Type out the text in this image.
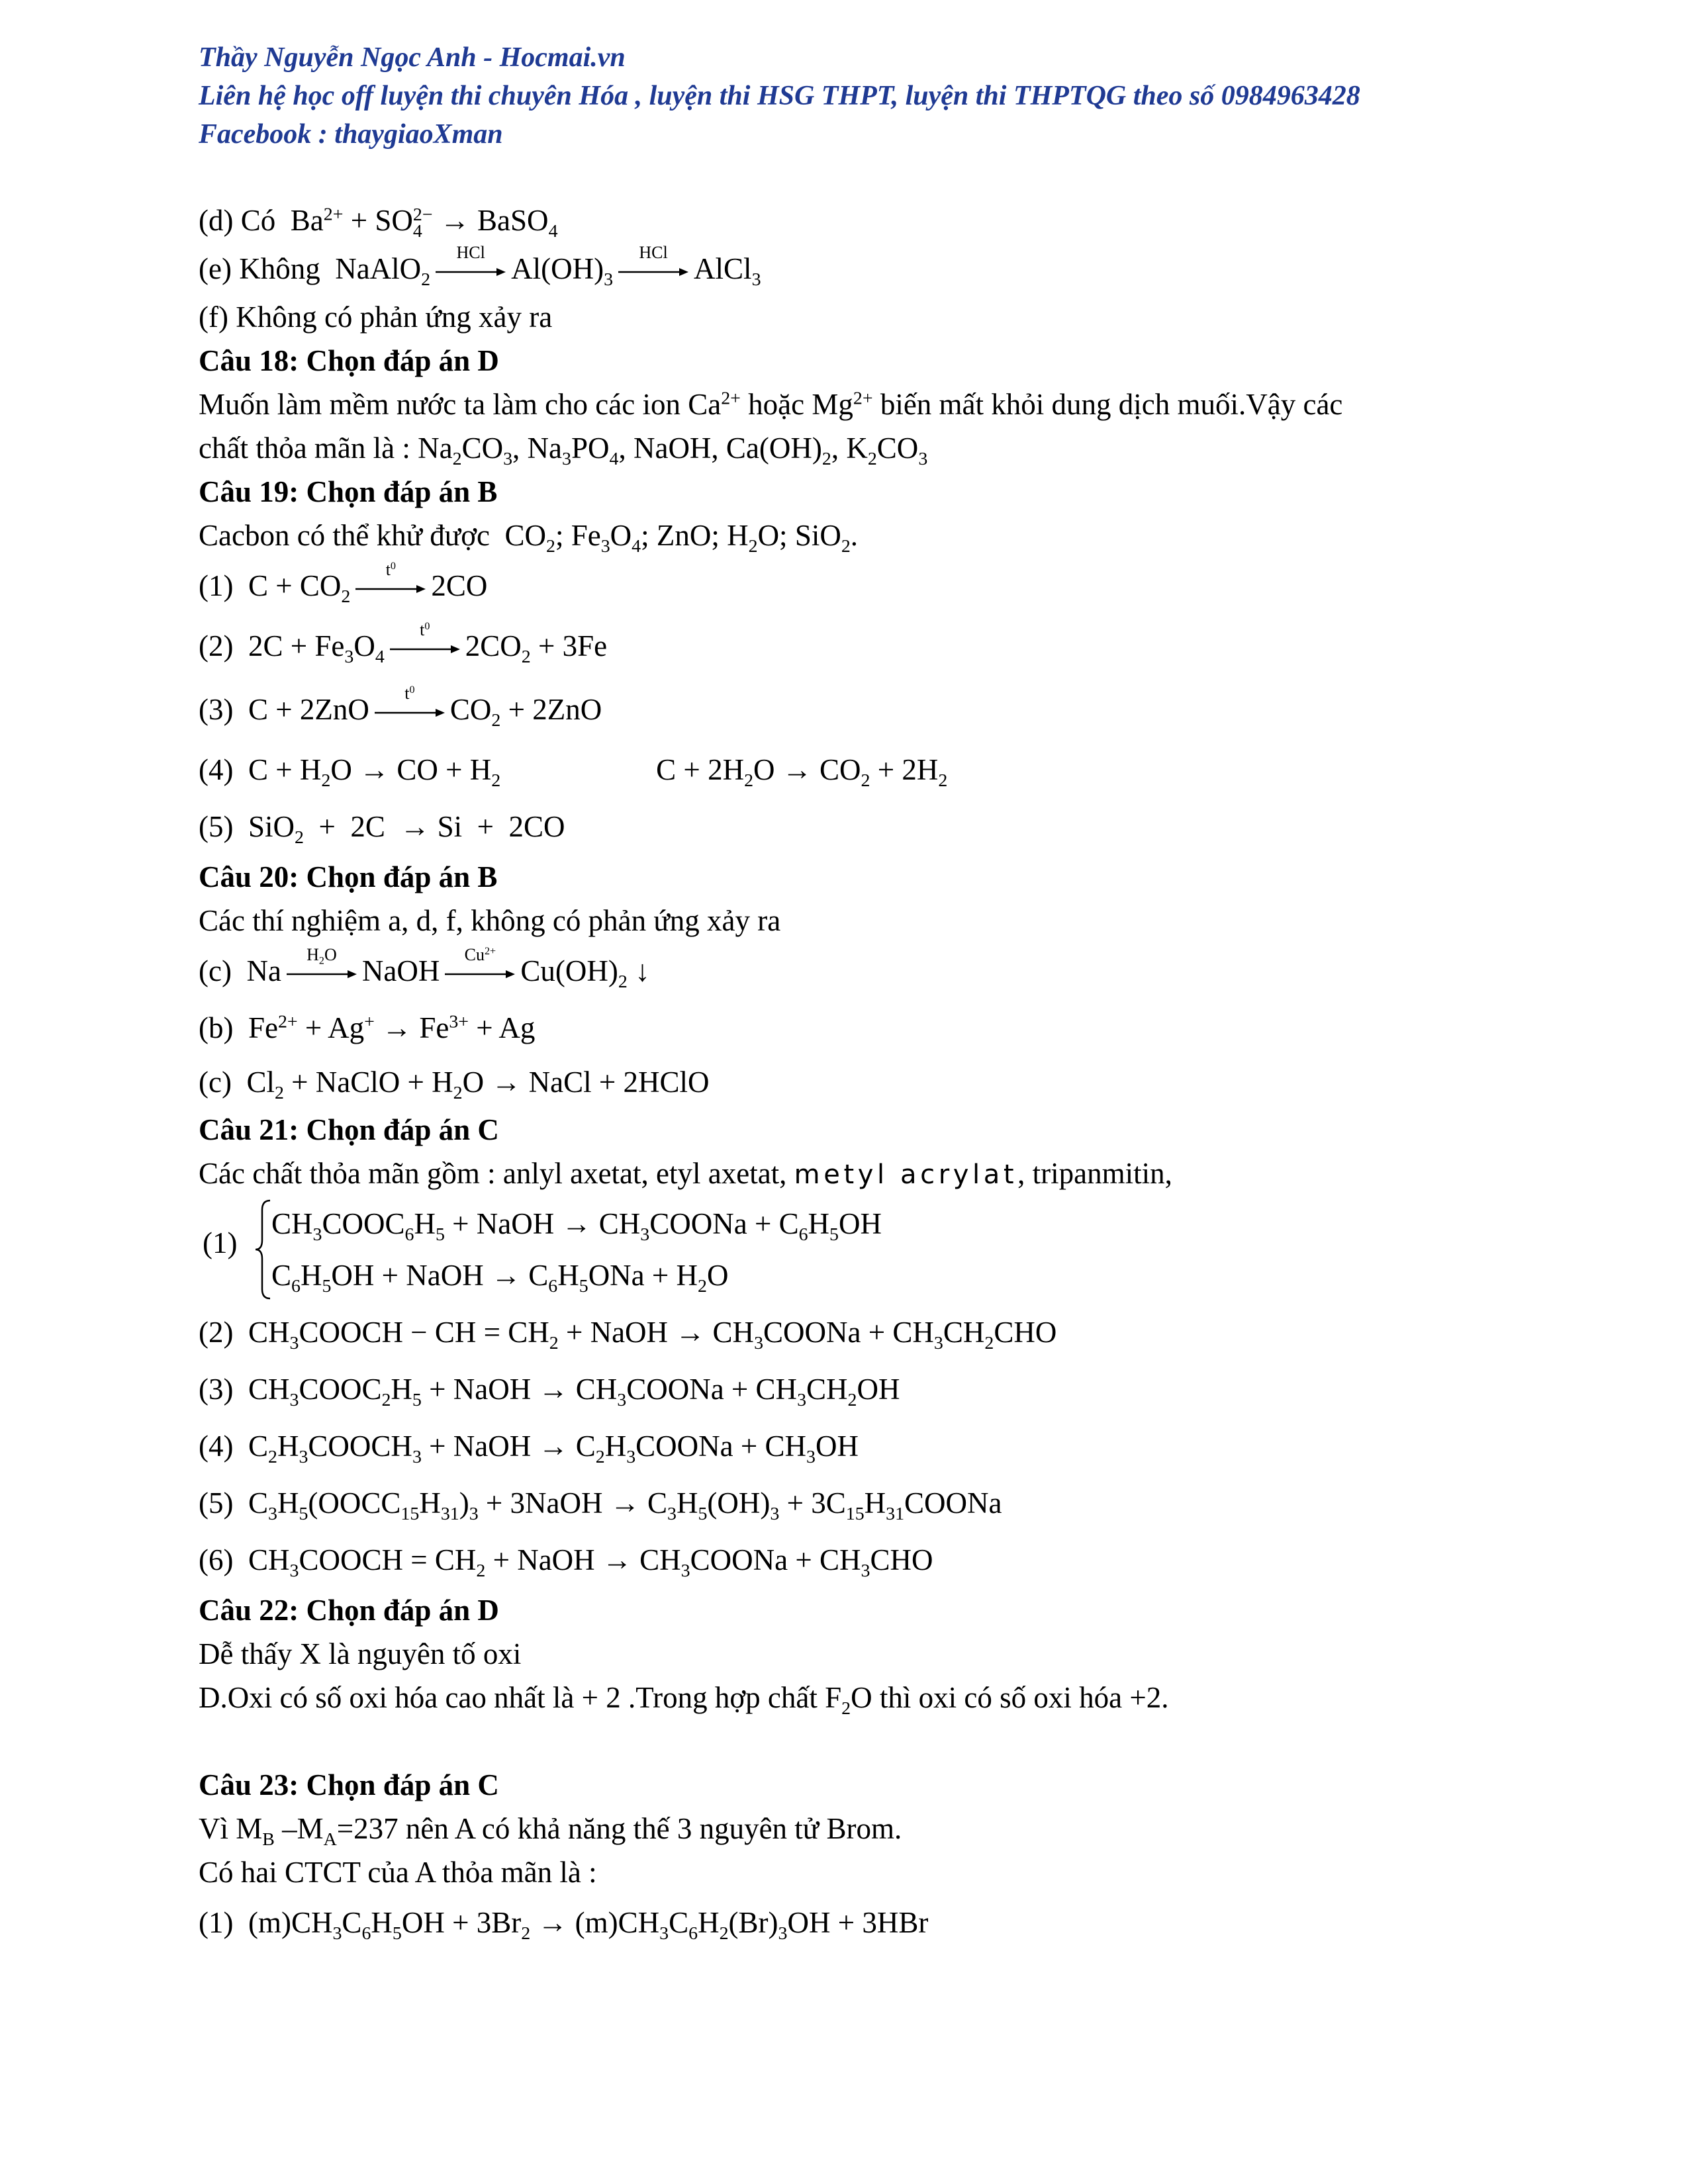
Thầy Nguyễn Ngọc Anh - Hocmai.vn
Liên hệ học off luyện thi chuyên Hóa , luyện thi HSG THPT, luyện thi THPTQG theo số 0984963428
Facebook : thaygiaoXman
(d) Có $Ba^{2+} + SO_4^{2-}$ → BaSO$_4$
(e) Không NaAlO$_2$
HCl $Al(OH)_3$
HCl AlCl$_3$
(f) Không có phản ứng xảy ra
Câu 18: Chọn đáp án D
Muốn làm mềm nước ta làm cho các ion $Ca^{2+}$ hoặc $Mg^{2+}$ biến mất khỏi dung dịch muối.Vậy các
chất thỏa mãn là : $Na_2CO_3$, $Na_3PO_4$, NaOH, $Ca(OH)_2$, $K_2CO_3$
Câu 19: Chọn đáp án B
Cacbon có thể khử được  $CO_2$; $Fe_3O_4$; ZnO; $H_2O$; SiO$_2$.
(1)  $C + CO_2$
$t^0$
2CO
(2)  $2C + Fe_3O_4$
$t^0$
$2CO_2 + 3Fe$
(3)  C + 2ZnO	$t^0$
$CO_2 + 2ZnO$
(4)  $C + H_2O$ → CO + $H_2$	$C + 2H_2O \to CO_2 + 2H_2$
(5)  SiO$_2$  +  2C  → Si  +  2CO
Câu 20: Chọn đáp án B
Các thí nghiệm a, d, f, không có phản ứng xảy ra
(c)  Na	$H_2O$ NaOH	$Cu^{2+}$
$Cu(OH)_2$ ↓
(b)  $Fe^{2+} + Ag^+ \to Fe^{3+} + Ag$
(c)  $Cl_2$ + NaClO + $H_2O$ → NaCl + 2HClO
Câu 21: Chọn đáp án C
Các chất thỏa mãn gồm : anlyl axetat, etyl axetat, metyl acrylat, tripanmitin,
(1)
$CH_3COOC_6H_5$ + NaOH → $CH_3COONa + C_6H_5OH$
$C_6H_5OH$ + NaOH → $C_6H_5ONa + H_2O$
(2)  $CH_3COOCH$ − CH = $CH_2$ + NaOH → $CH_3COONa + CH_3CH_2CHO$
(3)  $CH_3COOC_2H_5$ + NaOH → $CH_3COONa + CH_3CH_2OH$
(4)  $C_2H_3COOCH_3$ + NaOH → $C_2H_3COONa + CH_3OH$
(5)  $C_3H_5(OOCC_{15}H_{31})_3$ + 3NaOH → $C_3H_5(OH)_3$ + $3C_{15}H_{31}COONa$
(6)  $CH_3COOCH = CH_2$ + NaOH → $CH_3COONa + CH_3CHO$
Câu 22: Chọn đáp án D
Dễ thấy X là nguyên tố oxi
D.Oxi có số oxi hóa cao nhất là + 2 .Trong hợp chất $F_2O$ thì oxi có số oxi hóa +2.
Câu 23: Chọn đáp án C
Vì $M_B$ $-M_A=237$ nên A có khả năng thế 3 nguyên tử Brom.
Có hai CTCT của A thỏa mãn là :
(1)  $(m)CH_3C_6H_5OH + 3Br_2 \to (m)CH_3C_6H_2(Br)_3OH + 3HBr$
